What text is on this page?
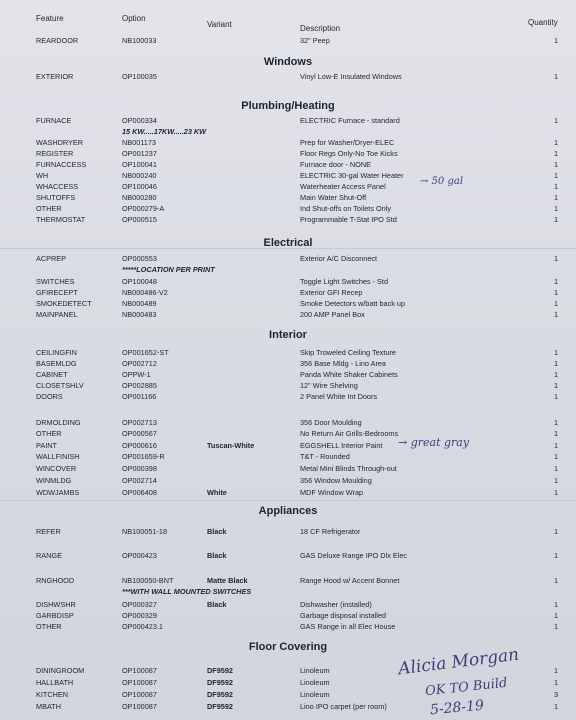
Feature	Option
Variant	Description
Quantity
REARDOOR	NB100033	32" Peep	1
Windows
EXTERIOR	OP100035	Vinyl Low-E Insulated Windows	1
Plumbing/Heating
FURNACE	OP000334	ELECTRIC Furnace - standard	1
15 KW.....17KW.....23 KW
WASHDRYER	NB001173	Prep for Washer/Dryer-ELEC	1
REGISTER	OP001237	Floor Regs Only-No Toe Kicks	1
FURNACCESS	OP100041	Furnace door - NONE	1
WH	NB000240	ELECTRIC 30-gal Water Heater	1
WHACCESS	OP100046	Waterheater Access Panel	1
SHUTOFFS	NB000280	Main Water Shut-Off	1
OTHER	OP000279-A	Ind Shut-offs on Toilets Only	1
THERMOSTAT	OP000515	Programmable T-Stat IPO Std	1
Electrical
ACPREP	OP000553	Exterior A/C Disconnect	1
*****LOCATION PER PRINT
SWITCHES	OP100048	Toggle Light Switches - Std	1
GFIRECEPT	NB000486-V2	Exterior GFI Recep	1
SMOKEDETECT	NB000489	Smoke Detectors w/batt back up	1
MAINPANEL	NB000483	200 AMP Panel Box	1
Interior
CEILINGFIN	OP001652-ST	Skip Troweled Ceiling Texture	1
BASEMLDG	OP002712	356 Base Mldg - Lino Area	1
CABINET	OPPW-1	Panda White Shaker Cabinets	1
CLOSETSHLV	OP002885	12" Wire Shelving	1
DOORS	OP001166	2 Panel White Int Doors	1
DRMOLDING	OP002713	356 Door Moulding	1
OTHER	OP000567	No Return Air Grills-Bedrooms	1
PAINT	OP000616	Tuscan-White	EGGSHELL Interior Paint	1
WALLFINISH	OP001659-R	T&T - Rounded	1
WINCOVER	OP000398	Metal Mini Blinds Through-out	1
WINMLDG	OP002714	356 Window Moulding	1
WDWJAMBS	OP006408	White	MDF Window Wrap	1
Appliances
REFER	NB100051-18	Black	18 CF Refrigerator	1
RANGE	OP000423	Black	GAS Deluxe Range IPO Dlx Elec	1
RNGHOOD	NB100050-BNT	Matte Black	Range Hood w/ Accent Bonnet	1
***WITH WALL MOUNTED SWITCHES
DISHWSHR	OP000327	Black	Dishwasher (installed)	1
GARBDISP	OP000329	Garbage disposal installed	1
OTHER	OP000423.1	GAS Range in all Elec House	1
Floor Covering
DININGROOM	OP100087	DF9592	Linoleum	1
HALLBATH	OP100087	DF9592	Linoleum	1
KITCHEN	OP100087	DF9592	Linoleum	3
MBATH	OP100087	DF9592	Lino IPO carpet (per room)	1
→ 50 gal
→ great gray
Alicia Morgan
OK TO Build
5-28-19
